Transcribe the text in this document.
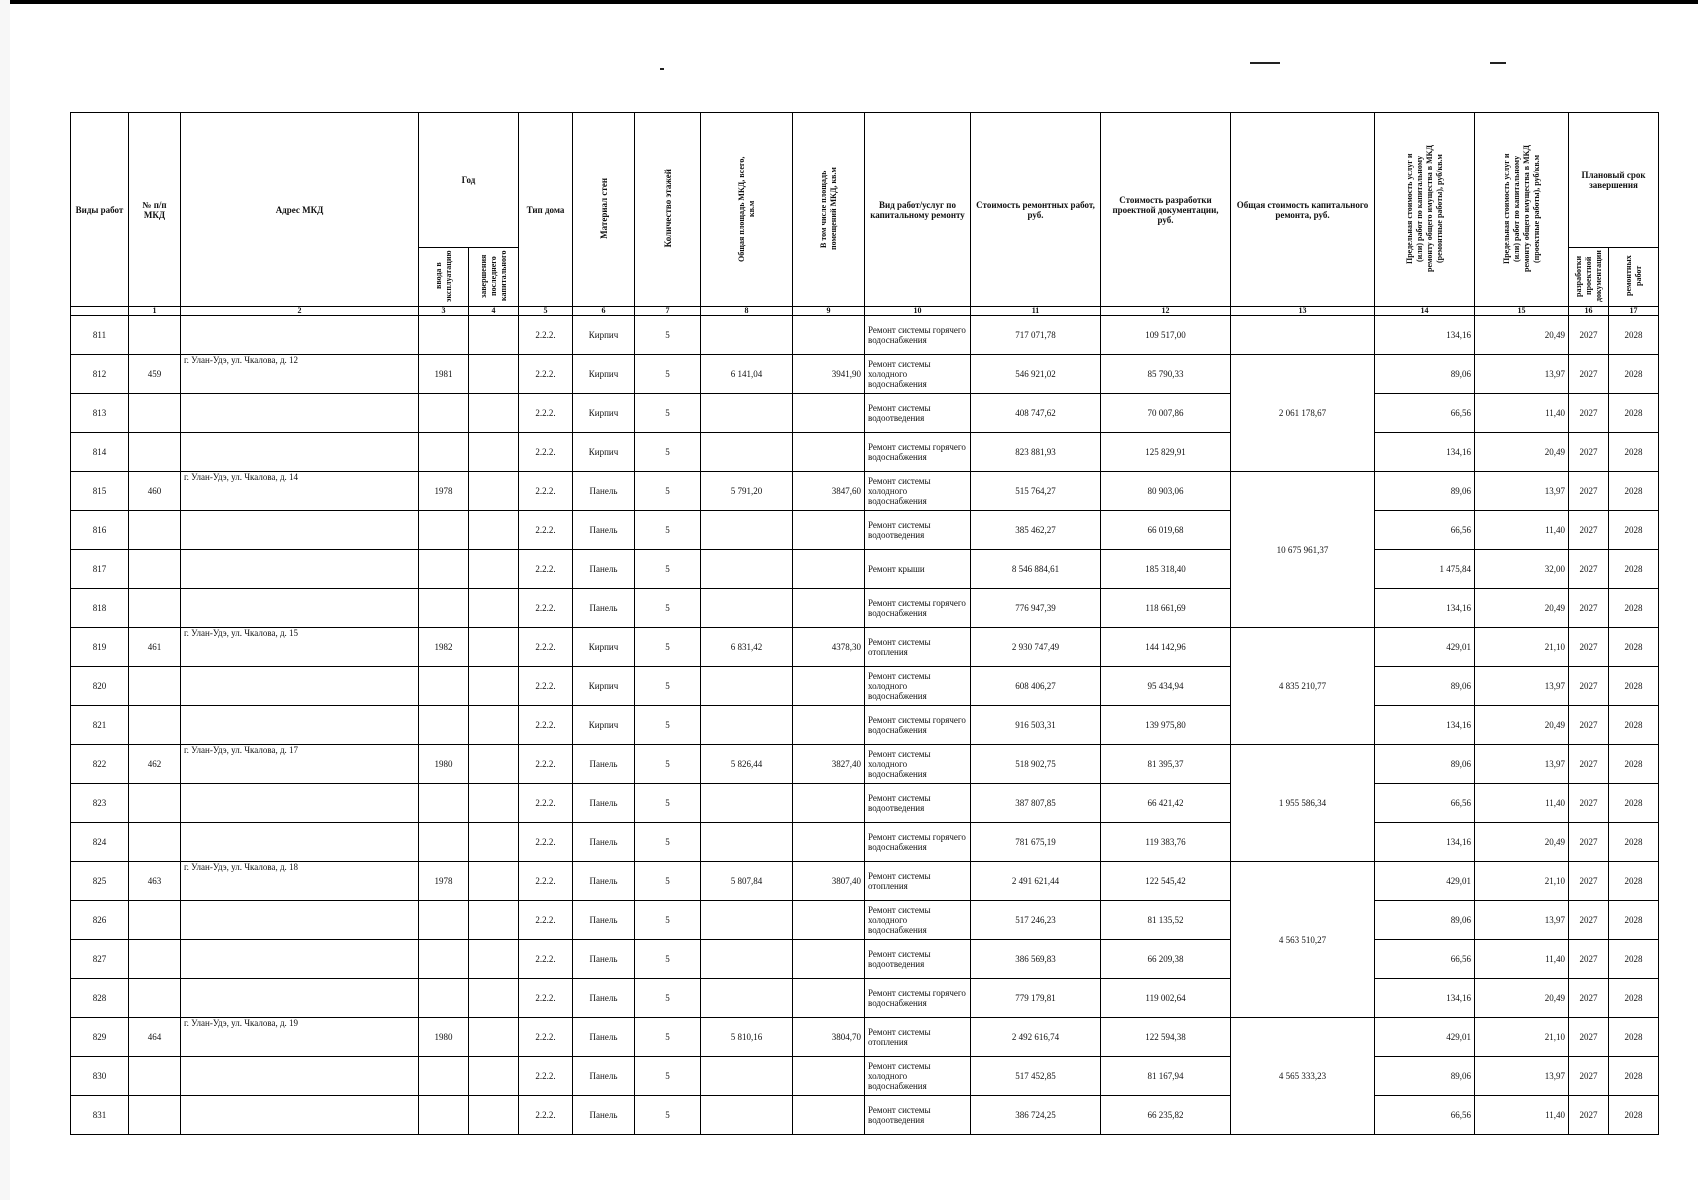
Виды работ	№ п/п МКД	Адрес МКД	Год		Тип дома	Материал стен	Количество этажей	Общая площадь МКД, всего, кв.м	В том числе площадь помещений МКД, кв.м	Вид работ/услуг по капитальному ремонту	Стоимость ремонтных работ, руб.	Стоимость разработки проектной документации, руб.	Общая стоимость капитального ремонта, руб.	Предельная стоимость услуг и (или) работ по капитальному ремонту общего имущества в МКД (ремонтные работы), руб/кв.м	Предельная стоимость услуг и (или) работ по капитальному ремонту общего имущества в МКД (проектные работы), руб/кв.м	Плановый срок завершения	
			ввода в эксплуатацию	завершения последнего капитального												разработки проектной документации	ремонтных работ
	1	2	3	4	5	6	7	8	9	10	11	12	13	14	15	16	17
811					2.2.2.	Кирпич	5			Ремонт системы горячего водоснабжения	717 071,78	109 517,00		134,16	20,49	2027	2028
812	459	г. Улан-Удэ, ул. Чкалова, д. 12	1981		2.2.2.	Кирпич	5	6 141,04	3941,90	Ремонт системы холодного водоснабжения	546 921,02	85 790,33	2 061 178,67	89,06	13,97	2027	2028
813					2.2.2.	Кирпич	5			Ремонт системы водоотведения	408 747,62	70 007,86		66,56	11,40	2027	2028
814					2.2.2.	Кирпич	5			Ремонт системы горячего водоснабжения	823 881,93	125 829,91		134,16	20,49	2027	2028
815	460	г. Улан-Удэ, ул. Чкалова, д. 14	1978		2.2.2.	Панель	5	5 791,20	3847,60	Ремонт системы холодного водоснабжения	515 764,27	80 903,06	10 675 961,37	89,06	13,97	2027	2028
816					2.2.2.	Панель	5			Ремонт системы водоотведения	385 462,27	66 019,68		66,56	11,40	2027	2028
817					2.2.2.	Панель	5			Ремонт крыши	8 546 884,61	185 318,40		1 475,84	32,00	2027	2028
818					2.2.2.	Панель	5			Ремонт системы горячего водоснабжения	776 947,39	118 661,69		134,16	20,49	2027	2028
819	461	г. Улан-Удэ, ул. Чкалова, д. 15	1982		2.2.2.	Кирпич	5	6 831,42	4378,30	Ремонт системы отопления	2 930 747,49	144 142,96	4 835 210,77	429,01	21,10	2027	2028
820					2.2.2.	Кирпич	5			Ремонт системы холодного водоснабжения	608 406,27	95 434,94		89,06	13,97	2027	2028
821					2.2.2.	Кирпич	5			Ремонт системы горячего водоснабжения	916 503,31	139 975,80		134,16	20,49	2027	2028
822	462	г. Улан-Удэ, ул. Чкалова, д. 17	1980		2.2.2.	Панель	5	5 826,44	3827,40	Ремонт системы холодного водоснабжения	518 902,75	81 395,37	1 955 586,34	89,06	13,97	2027	2028
823					2.2.2.	Панель	5			Ремонт системы водоотведения	387 807,85	66 421,42		66,56	11,40	2027	2028
824					2.2.2.	Панель	5			Ремонт системы горячего водоснабжения	781 675,19	119 383,76		134,16	20,49	2027	2028
825	463	г. Улан-Удэ, ул. Чкалова, д. 18	1978		2.2.2.	Панель	5	5 807,84	3807,40	Ремонт системы отопления	2 491 621,44	122 545,42	4 563 510,27	429,01	21,10	2027	2028
826					2.2.2.	Панель	5			Ремонт системы холодного водоснабжения	517 246,23	81 135,52		89,06	13,97	2027	2028
827					2.2.2.	Панель	5			Ремонт системы водоотведения	386 569,83	66 209,38		66,56	11,40	2027	2028
828					2.2.2.	Панель	5			Ремонт системы горячего водоснабжения	779 179,81	119 002,64		134,16	20,49	2027	2028
829	464	г. Улан-Удэ, ул. Чкалова, д. 19	1980		2.2.2.	Панель	5	5 810,16	3804,70	Ремонт системы отопления	2 492 616,74	122 594,38	4 565 333,23	429,01	21,10	2027	2028
830					2.2.2.	Панель	5			Ремонт системы холодного водоснабжения	517 452,85	81 167,94		89,06	13,97	2027	2028
831					2.2.2.	Панель	5			Ремонт системы водоотведения	386 724,25	66 235,82		66,56	11,40	2027	2028
